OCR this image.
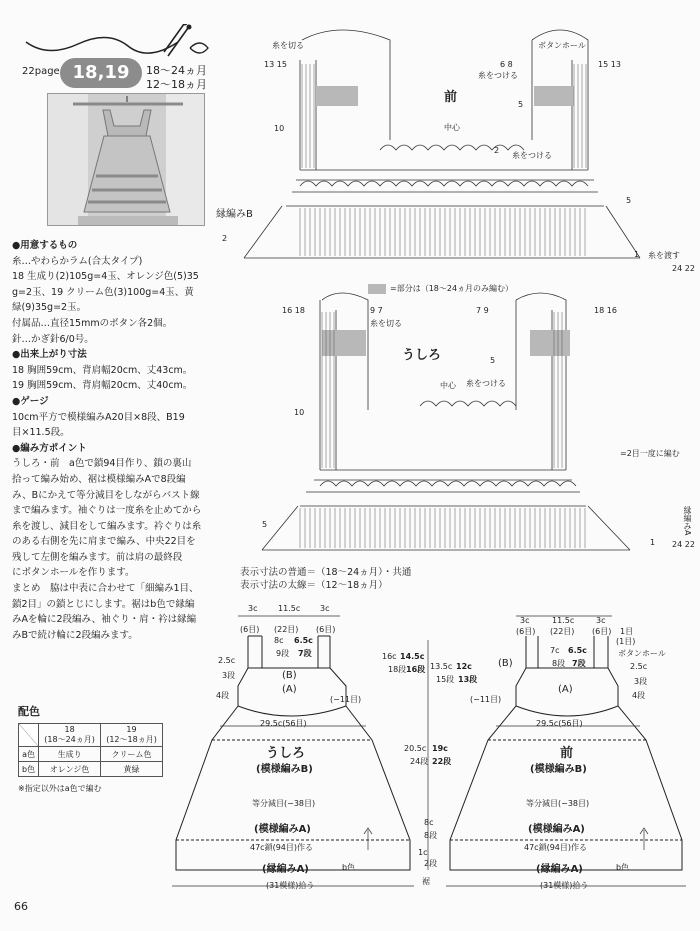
22page 18,19	18〜24ヵ月
12〜18ヵ月

●用意するもの

糸…やわらかラム(合太タイプ)

18 生成り(2)105g=4玉、オレンジ色(5)35

g=2玉、19 クリーム色(3)100g=4玉、黄

緑(9)35g=2玉。

付属品…直径15mmのボタン各2個。

針…かぎ針6/0号。

●出来上がり寸法

18 胸囲59cm、背肩幅20cm、丈43cm。

19 胸囲59cm、背肩幅20cm、丈40cm。

●ゲージ

10cm平方で模様編みA20目×8段、B19

目×11.5段。

●編み方ポイント

うしろ・前　a色で鎖94目作り、鎖の裏山

拾って編み始め、裾は模様編みAで8段編

み、Bにかえて等分減目をしながらバスト線

まで編みます。袖ぐりは一度糸を止めてから

糸を渡し、減目をして編みます。衿ぐりは糸

のある右側を先に肩まで編み、中央22目を

残して左側を編みます。前は肩の最終段

にボタンホールを作ります。

まとめ　脇は中表に合わせて「細編み1目、

鎖2目」の鎖とじにします。裾はb色で縁編

みAを輪に2段編み、袖ぐり・肩・衿は縁編

みBで続け輪に2段編みます。

配色
	18
(18〜24ヵ月)	19
(12〜18ヵ月)
a色	生成り	クリーム色
b色	オレンジ色	黄緑
※指定以外はa色で編む
66
糸を切る	ボタンホール
13 15	15 13
6 8
糸をつける
前
10
5
中心
2
糸をつける
5
縁編みB
2
1 糸を渡す
24 22
=部分は（18〜24ヵ月のみ編む）
16 18	9 7
糸を切る
7 9	18 16
うしろ
10
中心 糸をつける
5
=2目一度に編む
5
1 24 22
縁編みA
表示寸法の普通＝（18〜24ヵ月）・共通
表示寸法の太線＝（12〜18ヵ月）
3c
(6目)
11.5c
(22目)
3c
(6目)
8c
9段
6.5c
7段
2.5c
3段
4段
(B)
(A)
(−11目)
29.5c(56目)
うしろ
(模様編みB)
等分減目(−38目)
(模様編みA)
47c鎖(94目)作る
(縁編みA)	b色
(31模様)拾う
16c 14.5c
18段 16段 13.5c 12c
15段 13段
20.5c 19c
24段 22段
8c
8段
1c
2段
裾
3c
(6目)
11.5c
(22目)
3c
(6目) 1目
(1目)
ボタンホール
7c
8段
6.5c
7段
(B)
(A)
2.5c
3段
4段
(−11目)
29.5c(56目)
前
(模様編みB)
等分減目(−38目)
(模様編みA)
47c鎖(94目)作る
(縁編みA)	b色
(31模様)拾う
